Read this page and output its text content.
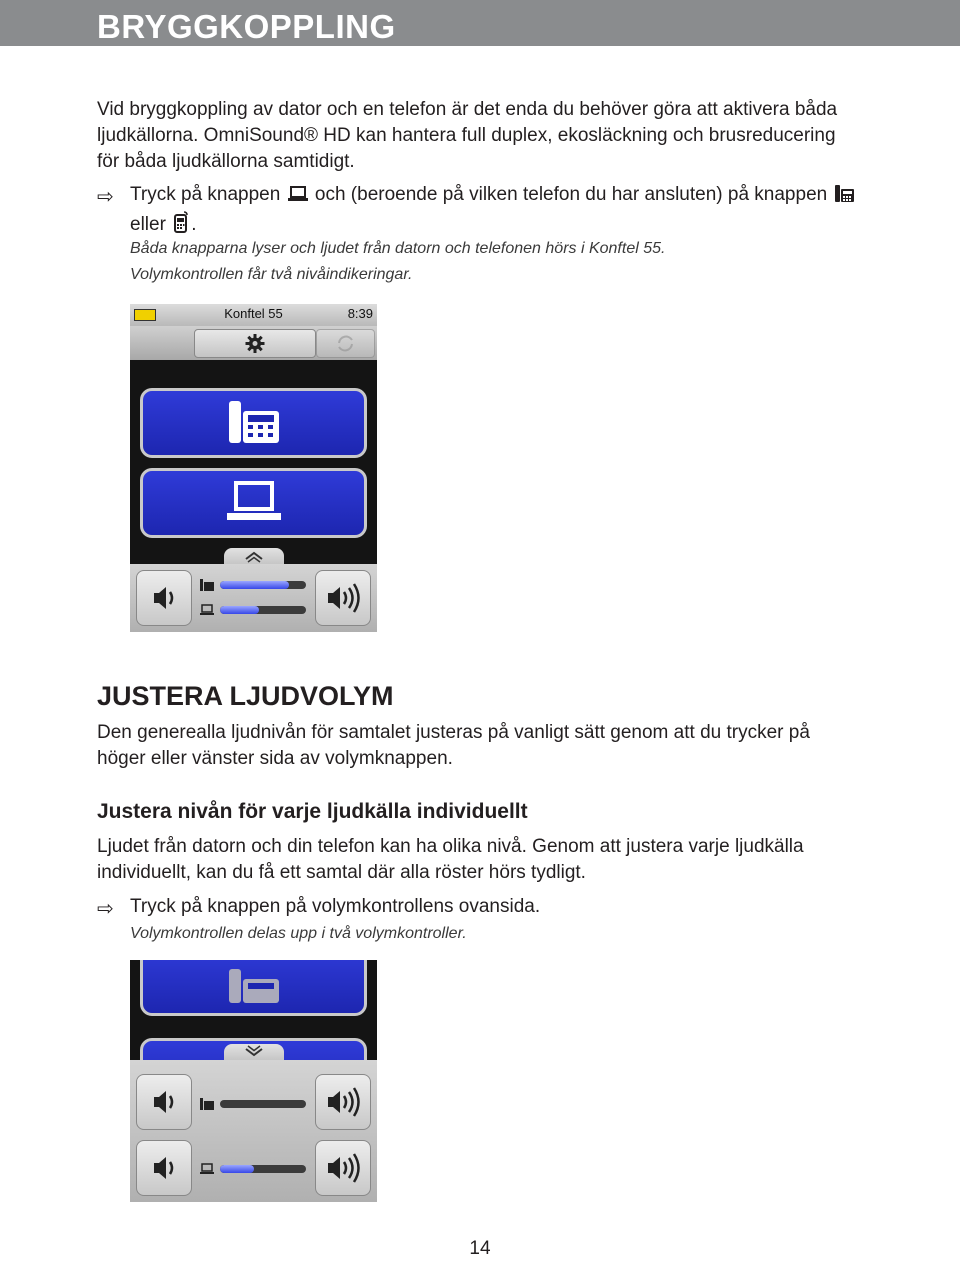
BRYGGKOPPLING

Vid bryggkoppling av dator och en telefon är det enda du behöver göra att aktivera båda ljudkällorna. OmniSound® HD kan hantera full duplex, ekosläckning och brusreducering för båda ljudkällorna samtidigt.

⇨ Tryck på knappen och (beroende på vilken telefon du har ansluten) på knappen
eller .

Båda knapparna lyser och ljudet från datorn och telefonen hörs i Konftel 55.

Volymkontrollen får två nivåindikeringar.

Konftel 55	8:39
JUSTERA LJUDVOLYM

Den generealla ljudnivån för samtalet justeras på vanligt sätt genom att du trycker på höger eller vänster sida av volymknappen.

Justera nivån för varje ljudkälla individuellt

Ljudet från datorn och din telefon kan ha olika nivå. Genom att justera varje ljudkälla individuellt, kan du få ett samtal där alla röster hörs tydligt.

⇨ Tryck på knappen på volymkontrollens ovansida.

Volymkontrollen delas upp i två volymkontroller.

14
